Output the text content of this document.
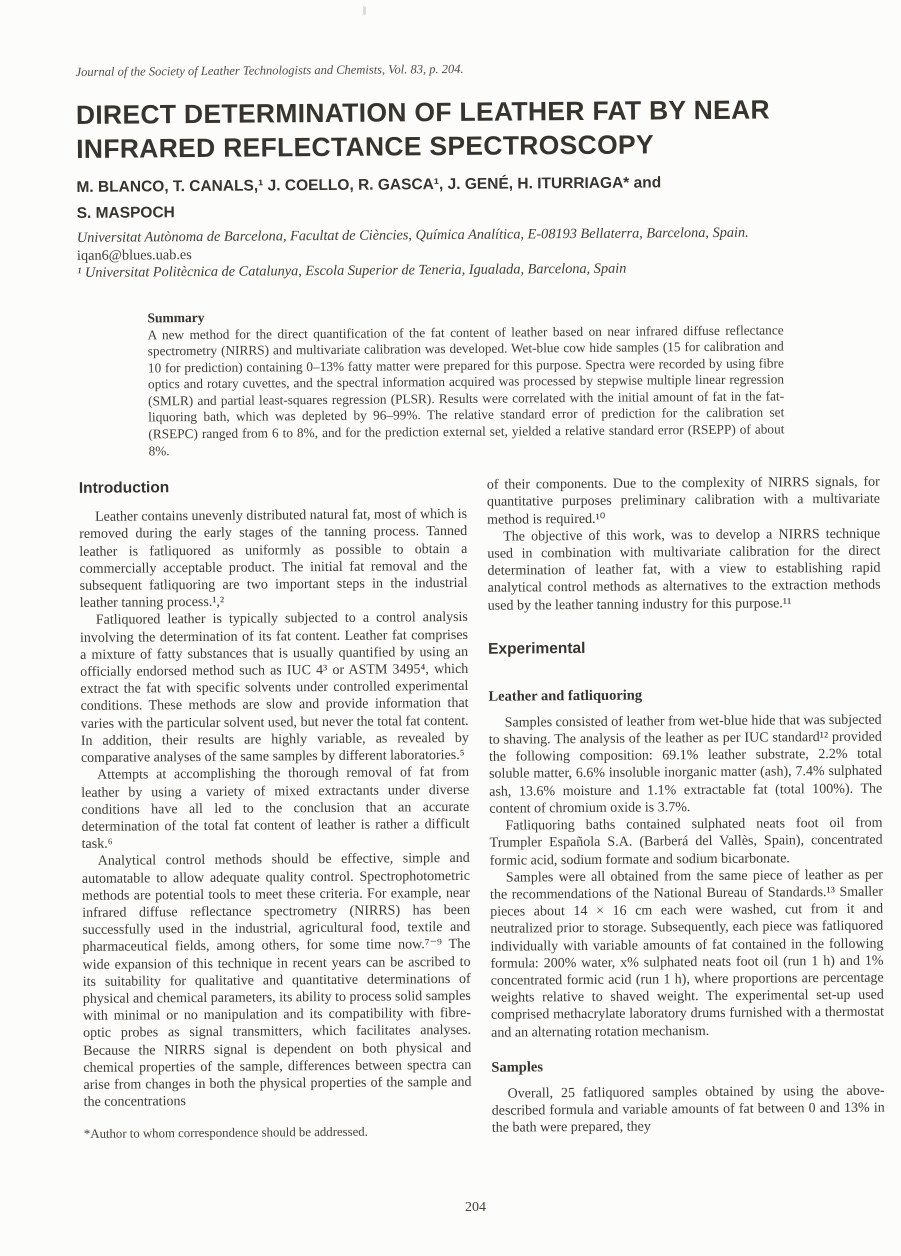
Journal of the Society of Leather Technologists and Chemists, Vol. 83, p. 204.
DIRECT DETERMINATION OF LEATHER FAT BY NEAR
INFRARED REFLECTANCE SPECTROSCOPY
M. BLANCO, T. CANALS,¹ J. COELLO, R. GASCA¹, J. GENÉ, H. ITURRIAGA* and
S. MASPOCH
Universitat Autònoma de Barcelona, Facultat de Ciències, Química Analítica, E-08193 Bellaterra, Barcelona, Spain.
iqan6@blues.uab.es
¹ Universitat Politècnica de Catalunya, Escola Superior de Teneria, Igualada, Barcelona, Spain
Summary

A new method for the direct quantification of the fat content of leather based on near infrared diffuse reflectance spectrometry (NIRRS) and multivariate calibration was developed. Wet-blue cow hide samples (15 for calibration and 10 for prediction) containing 0–13% fatty matter were prepared for this purpose. Spectra were recorded by using fibre optics and rotary cuvettes, and the spectral information acquired was processed by stepwise multiple linear regression (SMLR) and partial least-squares regression (PLSR). Results were correlated with the initial amount of fat in the fat-liquoring bath, which was depleted by 96–99%. The relative standard error of prediction for the calibration set (RSEPC) ranged from 6 to 8%, and for the prediction external set, yielded a relative standard error (RSEPP) of about 8%.

Introduction

Leather contains unevenly distributed natural fat, most of which is removed during the early stages of the tanning process. Tanned leather is fatliquored as uniformly as possible to obtain a commercially acceptable product. The initial fat removal and the subsequent fatliquoring are two important steps in the industrial leather tanning process.¹,²

Fatliquored leather is typically subjected to a control analysis involving the determination of its fat content. Leather fat comprises a mixture of fatty substances that is usually quantified by using an officially endorsed method such as IUC 4³ or ASTM 3495⁴, which extract the fat with specific solvents under controlled experimental conditions. These methods are slow and provide information that varies with the particular solvent used, but never the total fat content. In addition, their results are highly variable, as revealed by comparative analyses of the same samples by different laboratories.⁵

Attempts at accomplishing the thorough removal of fat from leather by using a variety of mixed extractants under diverse conditions have all led to the conclusion that an accurate determination of the total fat content of leather is rather a difficult task.⁶

Analytical control methods should be effective, simple and automatable to allow adequate quality control. Spectrophotometric methods are potential tools to meet these criteria. For example, near infrared diffuse reflectance spectrometry (NIRRS) has been successfully used in the industrial, agricultural food, textile and pharmaceutical fields, among others, for some time now.⁷⁻⁹ The wide expansion of this technique in recent years can be ascribed to its suitability for qualitative and quantitative determinations of physical and chemical parameters, its ability to process solid samples with minimal or no manipulation and its compatibility with fibre-optic probes as signal transmitters, which facilitates analyses. Because the NIRRS signal is dependent on both physical and chemical properties of the sample, differences between spectra can arise from changes in both the physical properties of the sample and the concentrations

*Author to whom correspondence should be addressed.

of their components. Due to the complexity of NIRRS signals, for quantitative purposes preliminary calibration with a multivariate method is required.¹⁰

The objective of this work, was to develop a NIRRS technique used in combination with multivariate calibration for the direct determination of leather fat, with a view to establishing rapid analytical control methods as alternatives to the extraction methods used by the leather tanning industry for this purpose.¹¹

Experimental
Leather and fatliquoring

Samples consisted of leather from wet-blue hide that was subjected to shaving. The analysis of the leather as per IUC standard¹² provided the following composition: 69.1% leather substrate, 2.2% total soluble matter, 6.6% insoluble inorganic matter (ash), 7.4% sulphated ash, 13.6% moisture and 1.1% extractable fat (total 100%). The content of chromium oxide is 3.7%.

Fatliquoring baths contained sulphated neats foot oil from Trumpler Española S.A. (Barberá del Vallès, Spain), concentrated formic acid, sodium formate and sodium bicarbonate.

Samples were all obtained from the same piece of leather as per the recommendations of the National Bureau of Standards.¹³ Smaller pieces about 14 × 16 cm each were washed, cut from it and neutralized prior to storage. Subsequently, each piece was fatliquored individually with variable amounts of fat contained in the following formula: 200% water, x% sulphated neats foot oil (run 1 h) and 1% concentrated formic acid (run 1 h), where proportions are percentage weights relative to shaved weight. The experimental set-up used comprised methacrylate laboratory drums furnished with a thermostat and an alternating rotation mechanism.

Samples

Overall, 25 fatliquored samples obtained by using the above-described formula and variable amounts of fat between 0 and 13% in the bath were prepared, they

204
